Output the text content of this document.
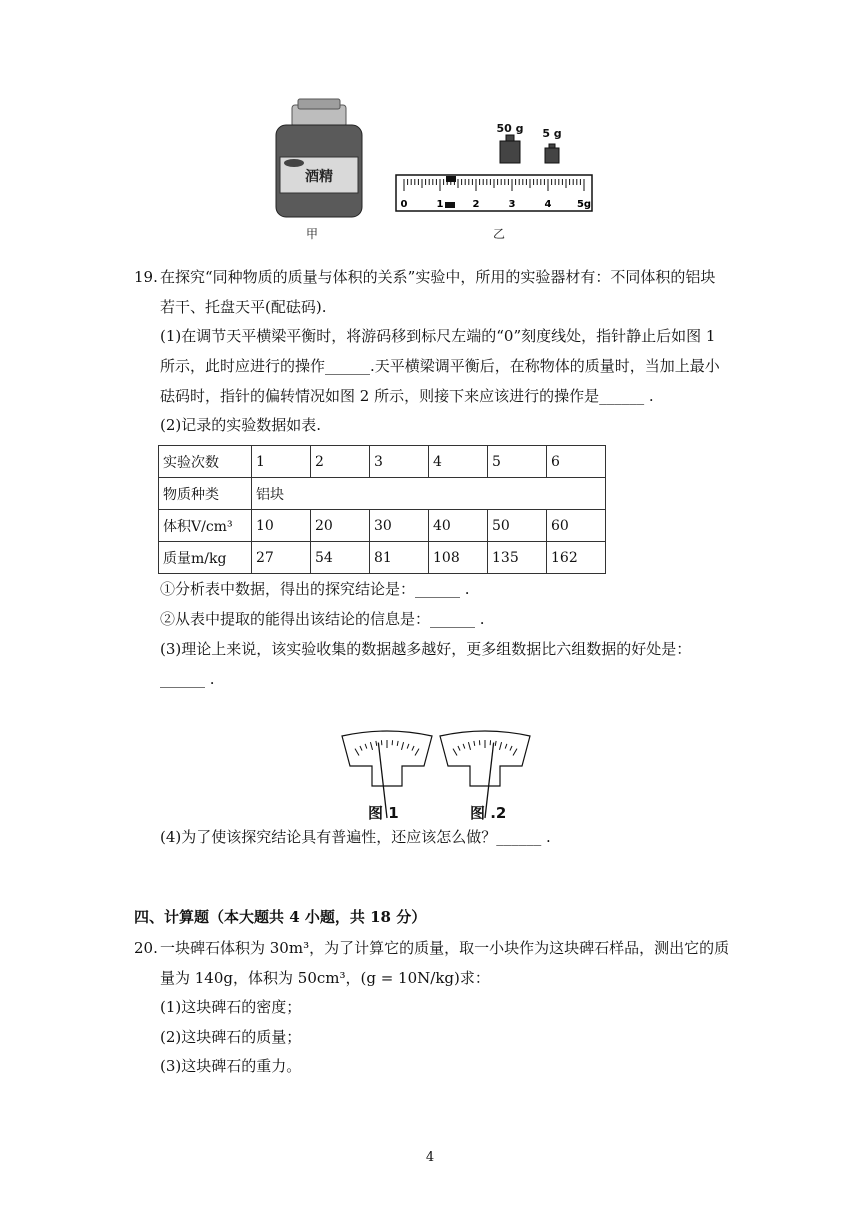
酒精
甲
50 g 5 g
0	1	2	3	4	5g
乙
19. 在探究“同种物质的质量与体积的关系”实验中，所用的实验器材有：不同体积的铝块
若干、托盘天平(配砝码).
(1)在调节天平横梁平衡时，将游码移到标尺左端的“0”刻度线处，指针静止后如图 1
所示，此时应进行的操作______.天平横梁调平衡后，在称物体的质量时，当加上最小
砝码时，指针的偏转情况如图 2 所示，则接下来应该进行的操作是______ .
(2)记录的实验数据如表.
实验次数	1	2	3	4	5	6
物质种类	铝块					
体积V/cm³	10	20	30	40	50	60
质量m/kg	27	54	81	108	135	162
①分析表中数据，得出的探究结论是：______ .
②从表中提取的能得出该结论的信息是：______ .
(3)理论上来说，该实验收集的数据越多越好，更多组数据比六组数据的好处是：
______ .
图 1	图 .2
(4)为了使该探究结论具有普遍性，还应该怎么做？______ .
四、计算题（本大题共 4 小题，共 18 分）
20. 一块碑石体积为 30m³，为了计算它的质量，取一小块作为这块碑石样品，测出它的质
量为 140g，体积为 50cm³，(g = 10N/kg)求：
(1)这块碑石的密度；
(2)这块碑石的质量；
(3)这块碑石的重力。
4
